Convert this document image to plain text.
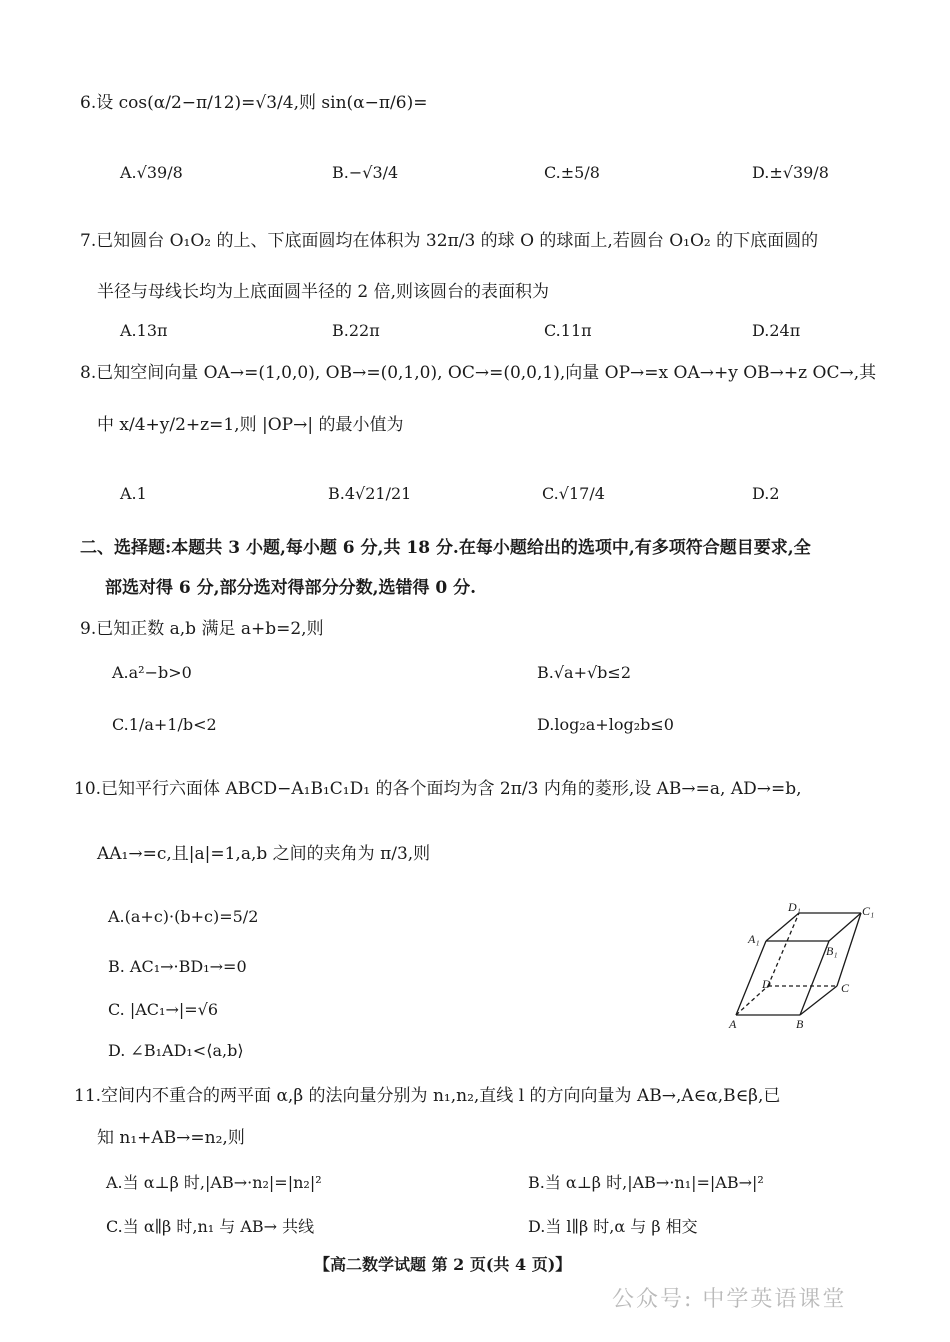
6.设 cos(α/2−π/12)=√3/4,则 sin(α−π/6)=
A.√39/8	B.−√3/4	C.±5/8	D.±√39/8
7.已知圆台 O₁O₂ 的上、下底面圆均在体积为 32π/3 的球 O 的球面上,若圆台 O₁O₂ 的下底面圆的
半径与母线长均为上底面圆半径的 2 倍,则该圆台的表面积为
A.13π	B.22π	C.11π	D.24π
8.已知空间向量 OA→=(1,0,0), OB→=(0,1,0), OC→=(0,0,1),向量 OP→=x OA→+y OB→+z OC→,其
中 x/4+y/2+z=1,则 |OP→| 的最小值为
A.1	B.4√21/21	C.√17/4	D.2
二、选择题:本题共 3 小题,每小题 6 分,共 18 分.在每小题给出的选项中,有多项符合题目要求,全
部选对得 6 分,部分选对得部分分数,选错得 0 分.
9.已知正数 a,b 满足 a+b=2,则
A.a²−b>0	B.√a+√b≤2
C.1/a+1/b<2	D.log₂a+log₂b≤0
10.已知平行六面体 ABCD−A₁B₁C₁D₁ 的各个面均为含 2π/3 内角的菱形,设 AB→=a, AD→=b,
AA₁→=c,且|a|=1,a,b 之间的夹角为 π/3,则
A.(a+c)·(b+c)=5/2
B. AC₁→·BD₁→=0
C. |AC₁→|=√6
D. ∠B₁AD₁<⟨a,b⟩
D₁	C₁
A₁
B₁
D	C
A	B
11.空间内不重合的两平面 α,β 的法向量分别为 n₁,n₂,直线 l 的方向向量为 AB→,A∈α,B∈β,已
知 n₁+AB→=n₂,则
A.当 α⊥β 时,|AB→·n₂|=|n₂|²	B.当 α⊥β 时,|AB→·n₁|=|AB→|²
C.当 α∥β 时,n₁ 与 AB→ 共线	D.当 l∥β 时,α 与 β 相交
【高二数学试题 第 2 页(共 4 页)】
公众号: 中学英语课堂
